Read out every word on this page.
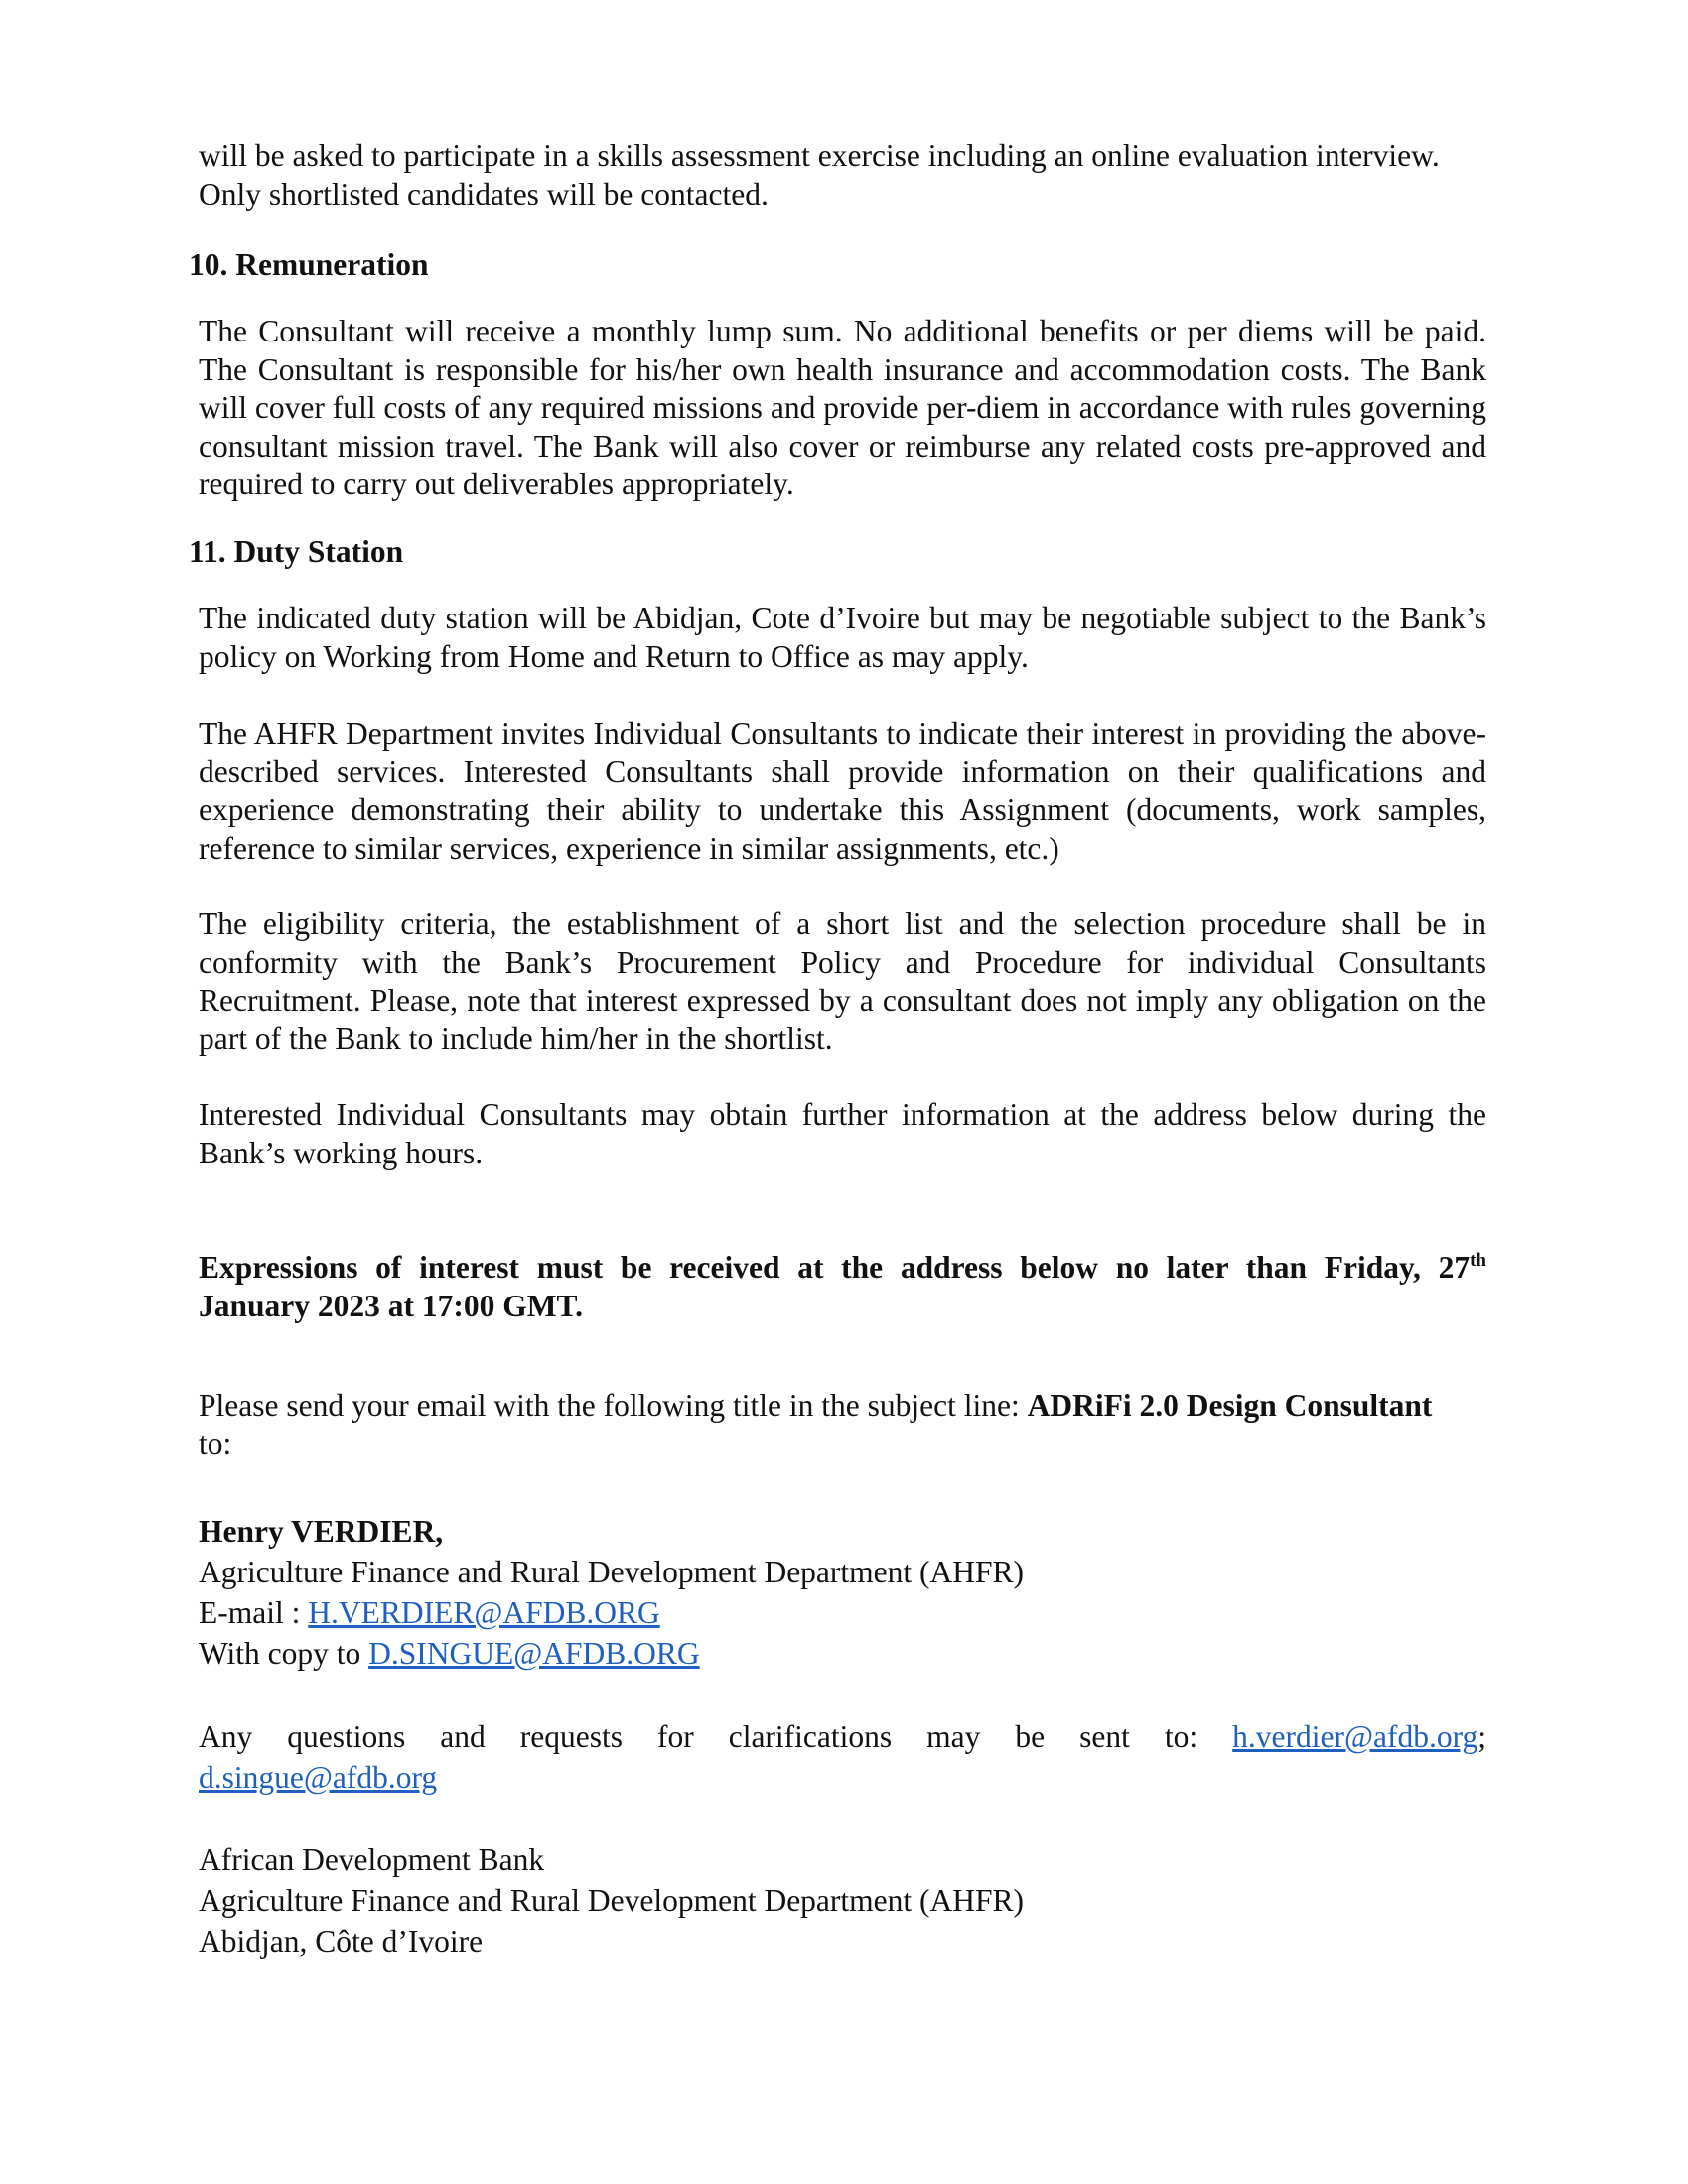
will be asked to participate in a skills assessment exercise including an online evaluation interview.
Only shortlisted candidates will be contacted.
10. Remuneration
The Consultant will receive a monthly lump sum. No additional benefits or per diems will be paid. The Consultant is responsible for his/her own health insurance and accommodation costs. The Bank will cover full costs of any required missions and provide per-diem in accordance with rules governing consultant mission travel. The Bank will also cover or reimburse any related costs pre-approved and required to carry out deliverables appropriately.
11. Duty Station
The indicated duty station will be Abidjan, Cote d’Ivoire but may be negotiable subject to the Bank’s policy on Working from Home and Return to Office as may apply.
The AHFR Department invites Individual Consultants to indicate their interest in providing the above-described services. Interested Consultants shall provide information on their qualifications and experience demonstrating their ability to undertake this Assignment (documents, work samples, reference to similar services, experience in similar assignments, etc.)
The eligibility criteria, the establishment of a short list and the selection procedure shall be in conformity with the Bank’s Procurement Policy and Procedure for individual Consultants Recruitment. Please, note that interest expressed by a consultant does not imply any obligation on the part of the Bank to include him/her in the shortlist.
Interested Individual Consultants may obtain further information at the address below during the Bank’s working hours.
Expressions of interest must be received at the address below no later than Friday, 27th
January 2023 at 17:00 GMT.
Please send your email with the following title in the subject line: ADRiFi 2.0 Design Consultant
to:
Henry VERDIER,
Agriculture Finance and Rural Development Department (AHFR)
E-mail : H.VERDIER@AFDB.ORG
With copy to D.SINGUE@AFDB.ORG
Any questions and requests for clarifications may be sent to: h.verdier@afdb.org;
d.singue@afdb.org
African Development Bank
Agriculture Finance and Rural Development Department (AHFR)
Abidjan, Côte d’Ivoire
